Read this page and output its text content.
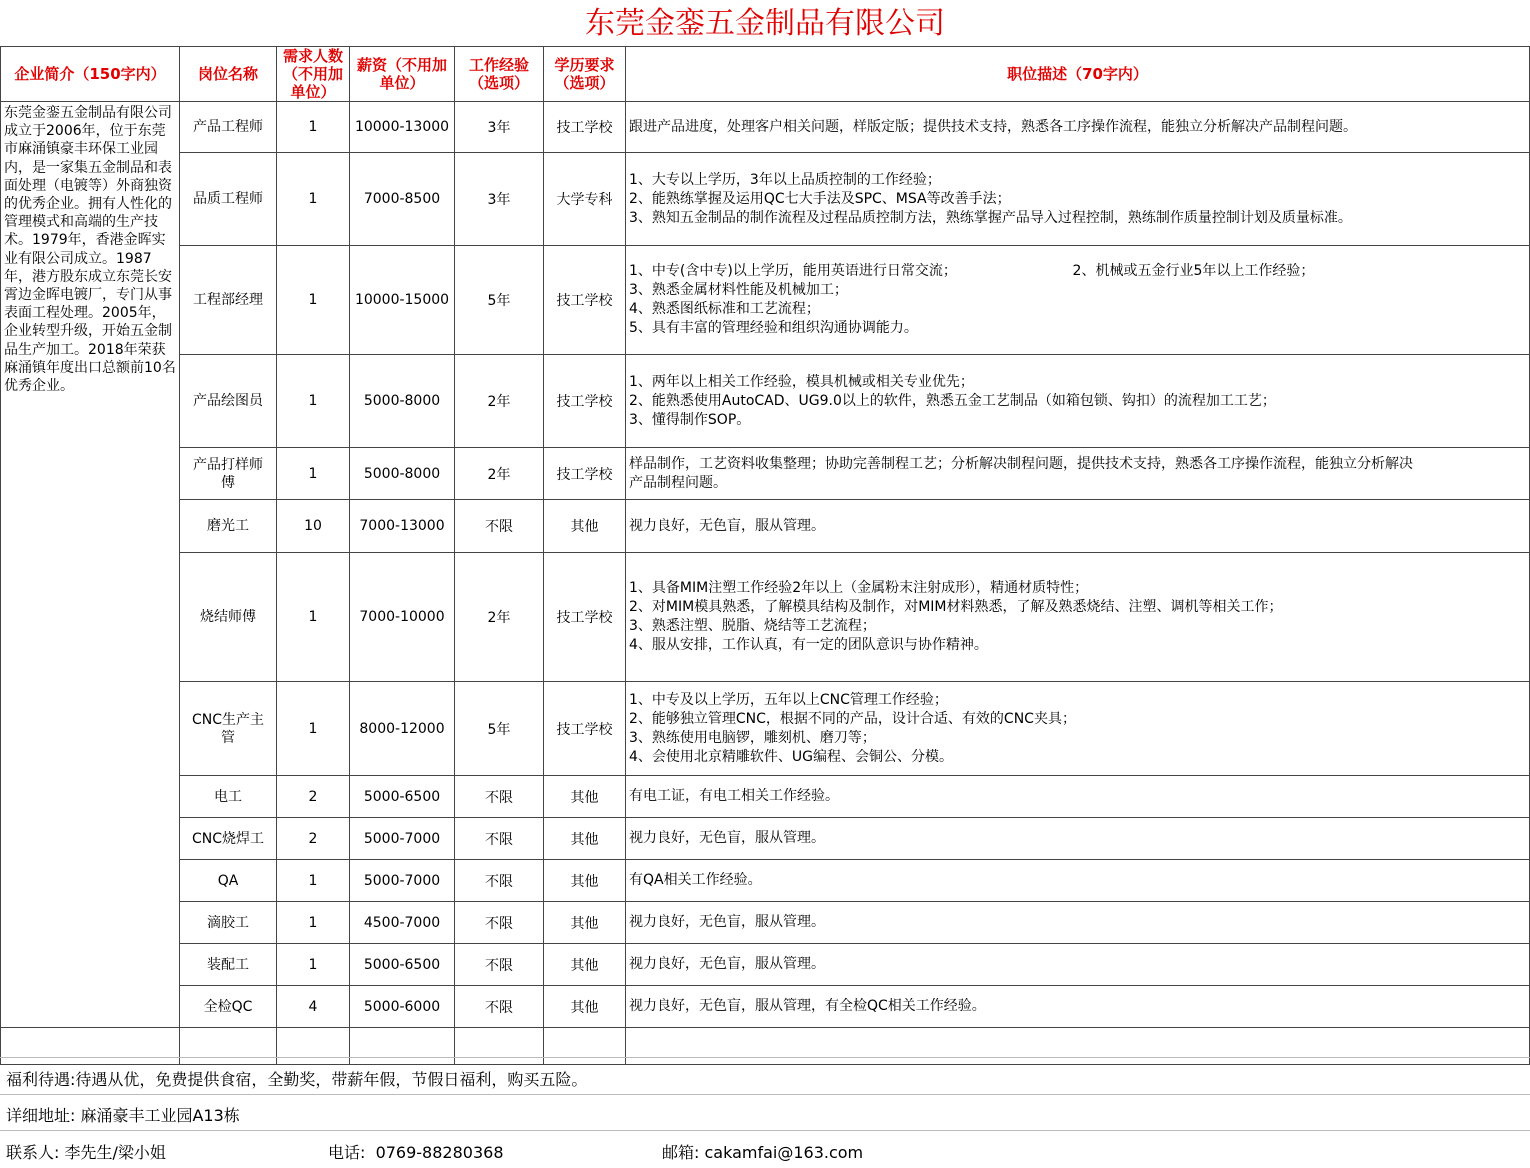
东莞金銮五金制品有限公司
企业简介（150字内）	岗位名称	需求人数（不用加单位）	薪资（不用加单位）	工作经验（选项）	学历要求（选项）	职位描述（70字内）
东莞金銮五金制品有限公司成立于2006年，位于东莞市麻涌镇豪丰环保工业园内，是一家集五金制品和表面处理（电镀等）外商独资的优秀企业。拥有人性化的管理模式和高端的生产技术。1979年，香港金晖实业有限公司成立。1987年，港方股东成立东莞长安霄边金晖电镀厂，专门从事表面工程处理。2005年，企业转型升级，开始五金制品生产加工。2018年荣获麻涌镇年度出口总额前10名优秀企业。	产品工程师	1	10000-13000	3年	技工学校	跟进产品进度，处理客户相关问题，样版定版；提供技术支持，熟悉各工序操作流程，能独立分析解决产品制程问题。

	品质工程师	1	7000-8500	3年	大学专科	1、大专以上学历，3年以上品质控制的工作经验；
2、能熟练掌握及运用QC七大手法及SPC、MSA等改善手法；
3、熟知五金制品的制作流程及过程品质控制方法，熟练掌握产品导入过程控制，熟练制作质量控制计划及质量标准。

	工程部经理	1	10000-15000	5年	技工学校	1、中专(含中专)以上学历，能用英语进行日常交流；                          2、机械或五金行业5年以上工作经验；
3、熟悉金属材料性能及机械加工；
4、熟悉图纸标准和工艺流程；
5、具有丰富的管理经验和组织沟通协调能力。

	产品绘图员	1	5000-8000	2年	技工学校	1、两年以上相关工作经验，模具机械或相关专业优先；
2、能熟悉使用AutoCAD、UG9.0以上的软件，熟悉五金工艺制品（如箱包锁、钩扣）的流程加工工艺；
3、懂得制作SOP。

	产品打样师傅	1	5000-8000	2年	技工学校	样品制作，工艺资料收集整理；协助完善制程工艺；分析解决制程问题，提供技术支持，熟悉各工序操作流程，能独立分析解决
产品制程问题。

	磨光工	10	7000-13000	不限	其他	视力良好，无色盲，服从管理。

	烧结师傅	1	7000-10000	2年	技工学校	1、具备MIM注塑工作经验2年以上（金属粉末注射成形），精通材质特性；
2、对MIM模具熟悉，了解模具结构及制作，对MIM材料熟悉，了解及熟悉烧结、注塑、调机等相关工作；
3、熟悉注塑、脱脂、烧结等工艺流程；
4、服从安排，工作认真，有一定的团队意识与协作精神。

	CNC生产主管	1	8000-12000	5年	技工学校	1、中专及以上学历，五年以上CNC管理工作经验；
2、能够独立管理CNC，根据不同的产品，设计合适、有效的CNC夹具；
3、熟练使用电脑锣，雕刻机、磨刀等；
4、会使用北京精雕软件、UG编程、会铜公、分模。

	电工	2	5000-6500	不限	其他	有电工证，有电工相关工作经验。

	CNC烧焊工	2	5000-7000	不限	其他	视力良好，无色盲，服从管理。

	QA	1	5000-7000	不限	其他	有QA相关工作经验。

	滴胶工	1	4500-7000	不限	其他	视力良好，无色盲，服从管理。

	装配工	1	5000-6500	不限	其他	视力良好，无色盲，服从管理。

	全检QC	4	5000-6000	不限	其他	视力良好，无色盲，服从管理，有全检QC相关工作经验。

福利待遇:待遇从优，免费提供食宿，全勤奖，带薪年假，节假日福利，购买五险。
详细地址: 麻涌豪丰工业园A13栋
联系人: 李先生/梁小姐	电话:  0769-88280368	邮箱: cakamfai@163.com
